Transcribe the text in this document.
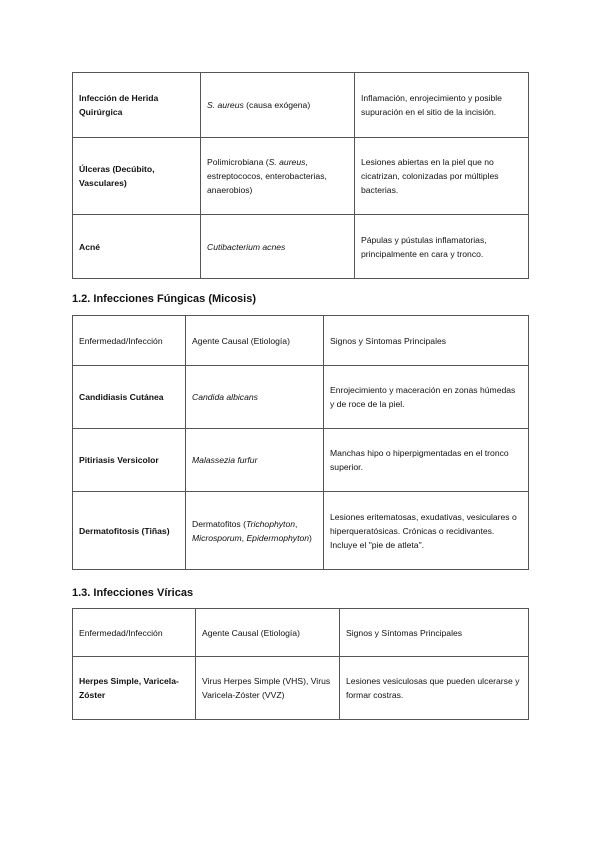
Infección de Herida Quirúrgica	S. aureus (causa exógena)	Inflamación, enrojecimiento y posible supuración en el sitio de la incisión.
Úlceras (Decúbito, Vasculares)	Polimicrobiana (S. aureus, estreptococos, enterobacterias, anaerobios)	Lesiones abiertas en la piel que no cicatrizan, colonizadas por múltiples bacterias.
Acné	Cutibacterium acnes	Pápulas y pústulas inflamatorias, principalmente en cara y tronco.

1.2. Infecciones Fúngicas (Micosis)

Enfermedad/Infección	Agente Causal (Etiología)	Signos y Síntomas Principales
Candidiasis Cutánea	Candida albicans	Enrojecimiento y maceración en zonas húmedas y de roce de la piel.
Pitiriasis Versicolor	Malassezia furfur	Manchas hipo o hiperpigmentadas en el tronco superior.
Dermatofitosis (Tiñas)	Dermatofitos (Trichophyton, Microsporum, Epidermophyton)	Lesiones eritematosas, exudativas, vesiculares o hiperqueratósicas. Crónicas o recidivantes. Incluye el "pie de atleta".

1.3. Infecciones Víricas

Enfermedad/Infección	Agente Causal (Etiología)	Signos y Síntomas Principales
Herpes Simple, Varicela-Zóster	Virus Herpes Simple (VHS), Virus Varicela-Zóster (VVZ)	Lesiones vesiculosas que pueden ulcerarse y formar costras.
